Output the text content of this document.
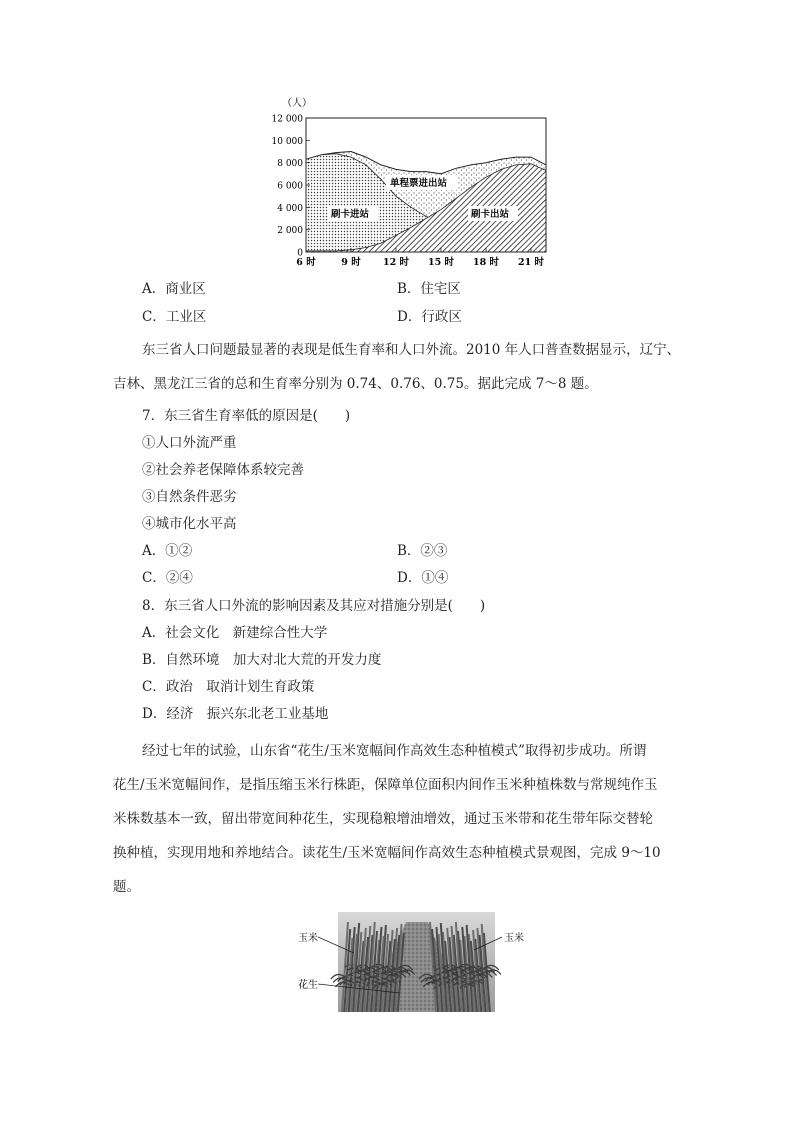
12 000
10 000
8 000
6 000
4 000
2 000
0
6 时	9 时 12 时 15 时 18 时 21 时
（人）
单程票进出站
刷卡进站	刷卡出站
A．商业区	B．住宅区
C．工业区	D．行政区
东三省人口问题最显著的表现是低生育率和人口外流。2010 年人口普查数据显示，辽宁、
吉林、黑龙江三省的总和生育率分别为 0.74、0.76、0.75。据此完成 7～8 题。
7．东三省生育率低的原因是(　　)
①人口外流严重
②社会养老保障体系较完善
③自然条件恶劣
④城市化水平高
A．①②	B．②③
C．②④	D．①④
8．东三省人口外流的影响因素及其应对措施分别是(　　)
A．社会文化　新建综合性大学
B．自然环境　加大对北大荒的开发力度
C．政治　取消计划生育政策
D．经济　振兴东北老工业基地
经过七年的试验，山东省“花生/玉米宽幅间作高效生态种植模式”取得初步成功。所谓
花生/玉米宽幅间作，是指压缩玉米行株距，保障单位面积内间作玉米种植株数与常规纯作玉
米株数基本一致，留出带宽间种花生，实现稳粮增油增效，通过玉米带和花生带年际交替轮
换种植，实现用地和养地结合。读花生/玉米宽幅间作高效生态种植模式景观图，完成 9～10
题。
玉米	玉米
花生
